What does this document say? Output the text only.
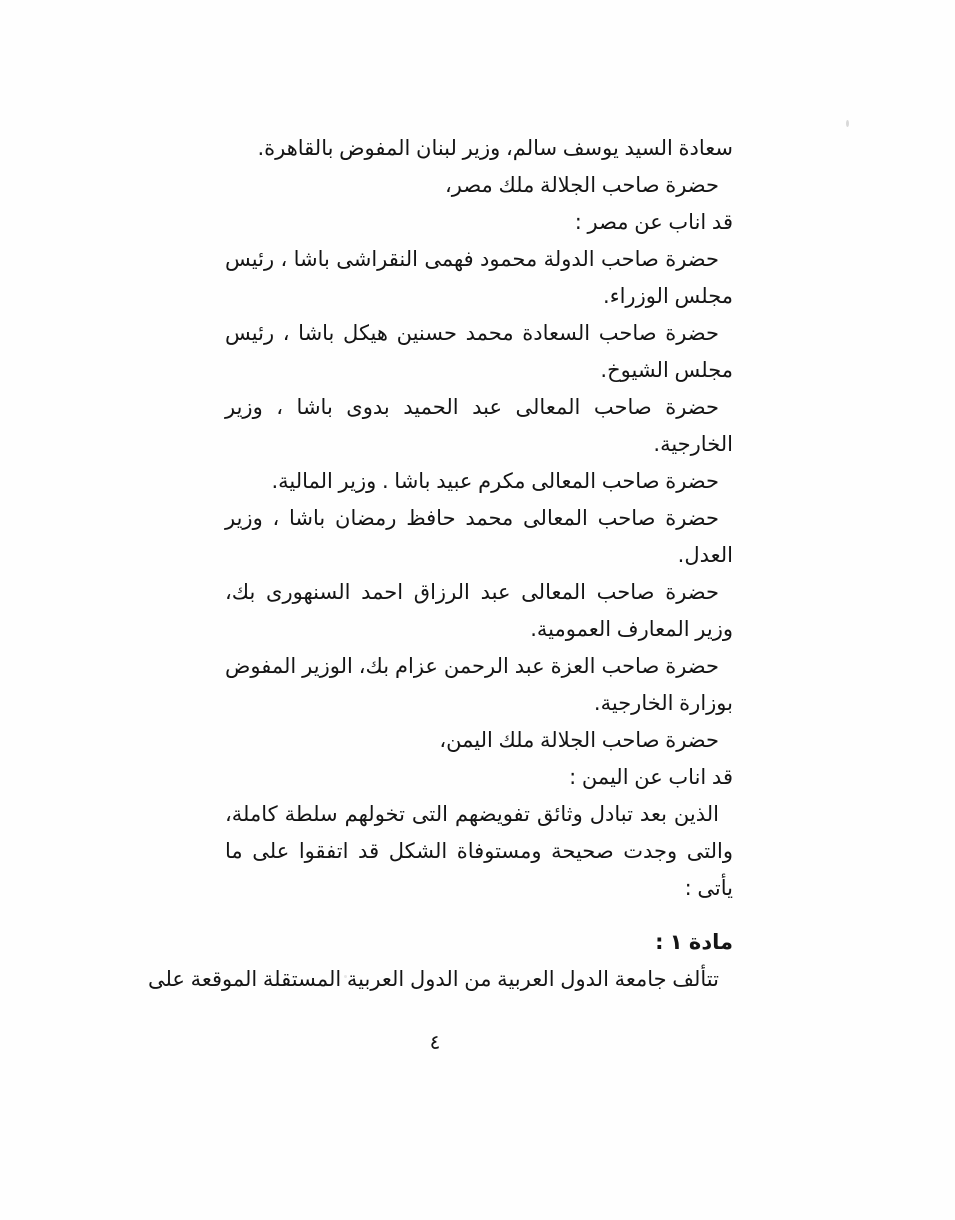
سعادة السيد يوسف سالم، وزير لبنان المفوض بالقاهرة.

حضرة صاحب الجلالة ملك مصر،

قد اناب عن مصر :

حضرة صاحب الدولة محمود فهمى النقراشى باشا ، رئيس مجلس الوزراء.

حضرة صاحب السعادة محمد حسنين هيكل باشا ، رئيس مجلس الشيوخ.

حضرة صاحب المعالى عبد الحميد بدوى باشا ، وزير الخارجية.

حضرة صاحب المعالى مكرم عبيد باشا . وزير المالية.

حضرة صاحب المعالى محمد حافظ رمضان باشا ، وزير العدل.

حضرة صاحب المعالى عبد الرزاق احمد السنهورى بك، وزير المعارف العمومية.

حضرة صاحب العزة عبد الرحمن عزام بك، الوزير المفوض بوزارة الخارجية.

حضرة صاحب الجلالة ملك اليمن،

قد اناب عن اليمن :

الذين بعد تبادل وثائق تفويضهم التى تخولهم سلطة كاملة، والتى وجدت صحيحة ومستوفاة الشكل قد اتفقوا على ما يأتى :

مادة ١ :

تتألف جامعة الدول العربية من الدول العربية المستقلة الموقعة على

٤
